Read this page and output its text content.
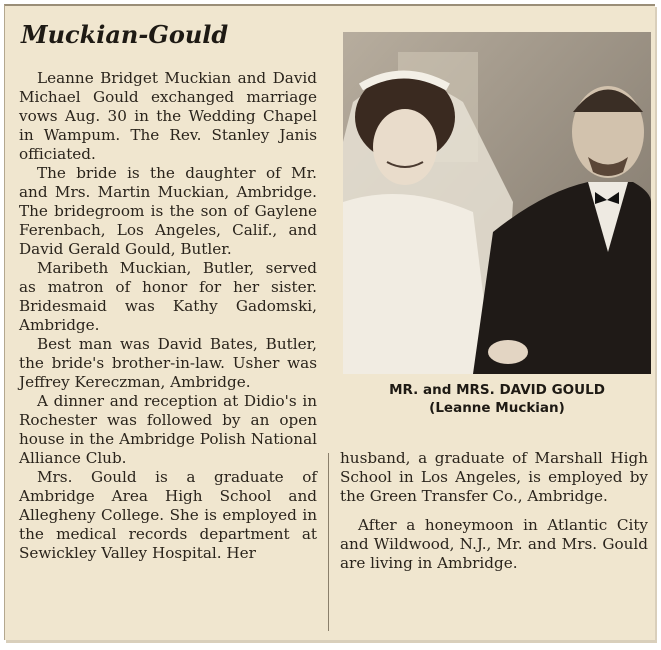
Muckian-Gould

Leanne Bridget Muckian and David Michael Gould exchanged marriage vows Aug. 30 in the Wedding Chapel in Wampum. The Rev. Stanley Janis officiated.

The bride is the daughter of Mr. and Mrs. Martin Muckian, Ambridge. The bridegroom is the son of Gaylene Ferenbach, Los Angeles, Calif., and David Gerald Gould, Butler.

Maribeth Muckian, Butler, served as matron of honor for her sister. Bridesmaid was Kathy Gadomski, Ambridge.

Best man was David Bates, Butler, the bride's brother-in-law. Usher was Jeffrey Kereczman, Ambridge.

A dinner and reception at Didio's in Rochester was followed by an open house in the Ambridge Polish National Alliance Club.

Mrs. Gould is a graduate of Ambridge Area High School and Allegheny College. She is employed in the medical records department at Sewickley Valley Hospital. Her

MR. and MRS. DAVID GOULD
(Leanne Muckian)

husband, a graduate of Marshall High School in Los Angeles, is employed by the Green Transfer Co., Ambridge.

After a honeymoon in Atlantic City and Wildwood, N.J., Mr. and Mrs. Gould are living in Ambridge.
